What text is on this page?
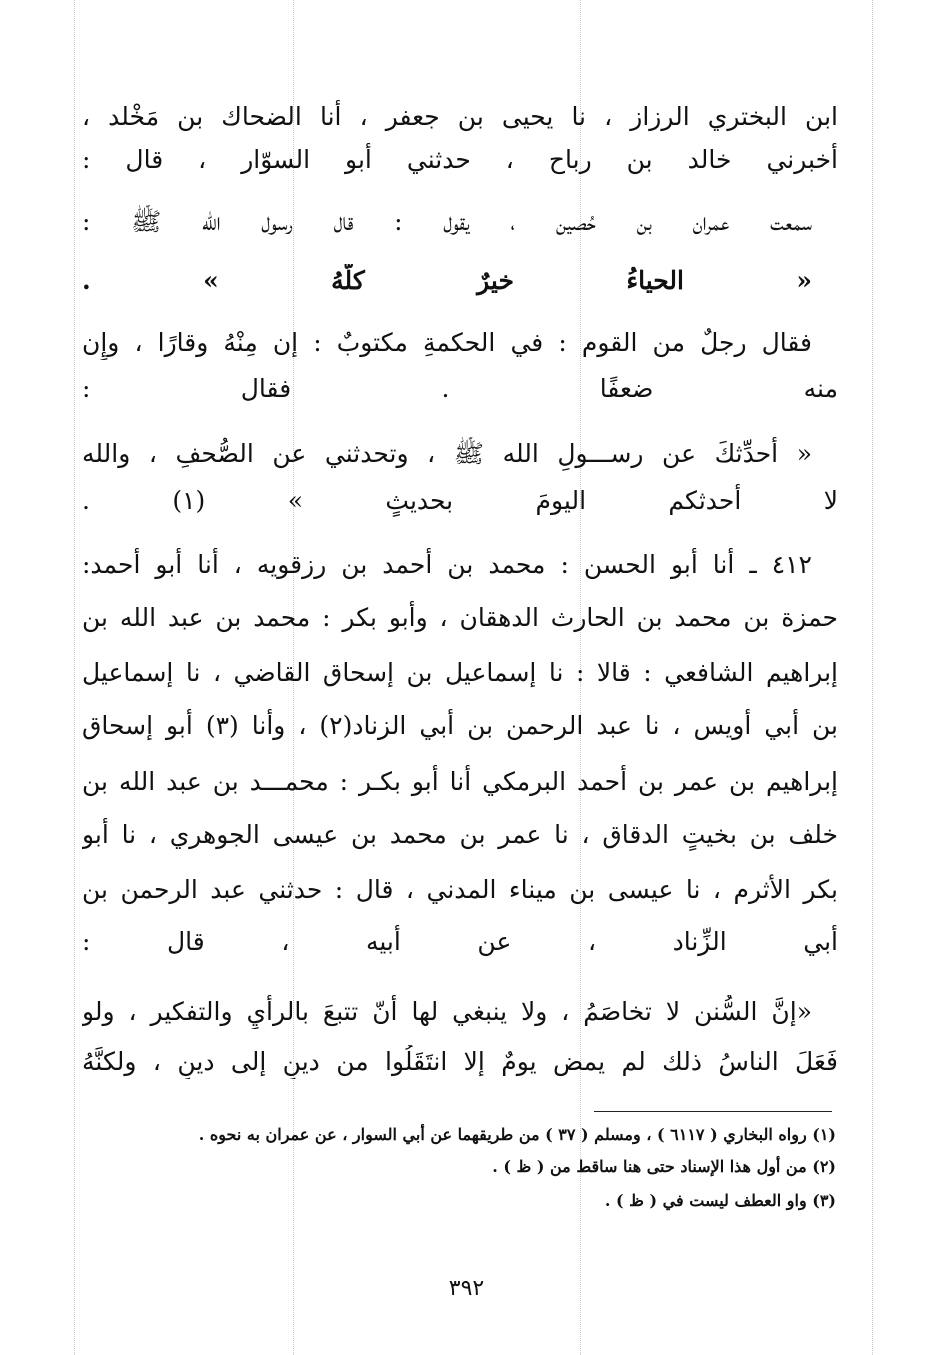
ابن البختري الرزاز ، نا يحيى بن جعفر ، أنا الضحاك بن مَخْلد ،
أخبرني خالد بن رباح ، حدثني أبو السوّار ، قال :
سمعت عمران بن حُصين ، يقول : قال رسول الله ﷺ :
« الحياءُ خيرٌ كلُّهُ » .
فقال رجلٌ من القوم : في الحكمةِ مكتوبٌ : إن مِنْهُ وقارًا ، وإِن
منه ضعفًا . فقال :
« أُحدِّثكَ عن رســـولِ الله ﷺ ، وتحدثني عن الصُّحفِ ، والله
لا أُحدثكم اليومَ بحديثٍ » (١) .
٤١٢ ـ أنا أبو الحسن : محمد بن أحمد بن رزقويه ، أنا أبو أحمد:
حمزة بن محمد بن الحارث الدهقان ، وأبو بكر : محمد بن عبد الله بن
إبراهيم الشافعي : قالا : نا إسماعيل بن إسحاق القاضي ، نا إسماعيل
بن أبي أويس ، نا عبد الرحمن بن أبي الزناد(٢) ، وأنا (٣) أبو إسحاق
إبراهيم بن عمر بن أحمد البرمكي أنا أبو بكـر : محمـــد بن عبد الله بن
خلف بن بخيتٍ الدقاق ، نا عمر بن محمد بن عيسى الجوهري ، نا أبو
بكر الأثرم ، نا عيسى بن ميناء المدني ، قال : حدثني عبد الرحمن بن
أبي الزِّناد ، عن أبيه ، قال :
«إنَّ السُّنن لا تخاصَمُ ، ولا ينبغي لها أنّ تتبعَ بالرأيِ والتفكير ، ولو
فَعَلَ الناسُ ذلك لم يمض يومٌ إلا انتَقَلُوا من دينٍ إلى دينٍ ، ولكنَّهُ
(١) رواه البخاري ( ٦١١٧ ) ، ومسلم ( ٣٧ ) من طريقهما عن أبي السوار ، عن عمران به نحوه .
(٢) من أول هذا الإسناد حتى هنا ساقط من ( ظ ) .
(٣) واو العطف ليست في ( ظ ) .
٣٩٢
